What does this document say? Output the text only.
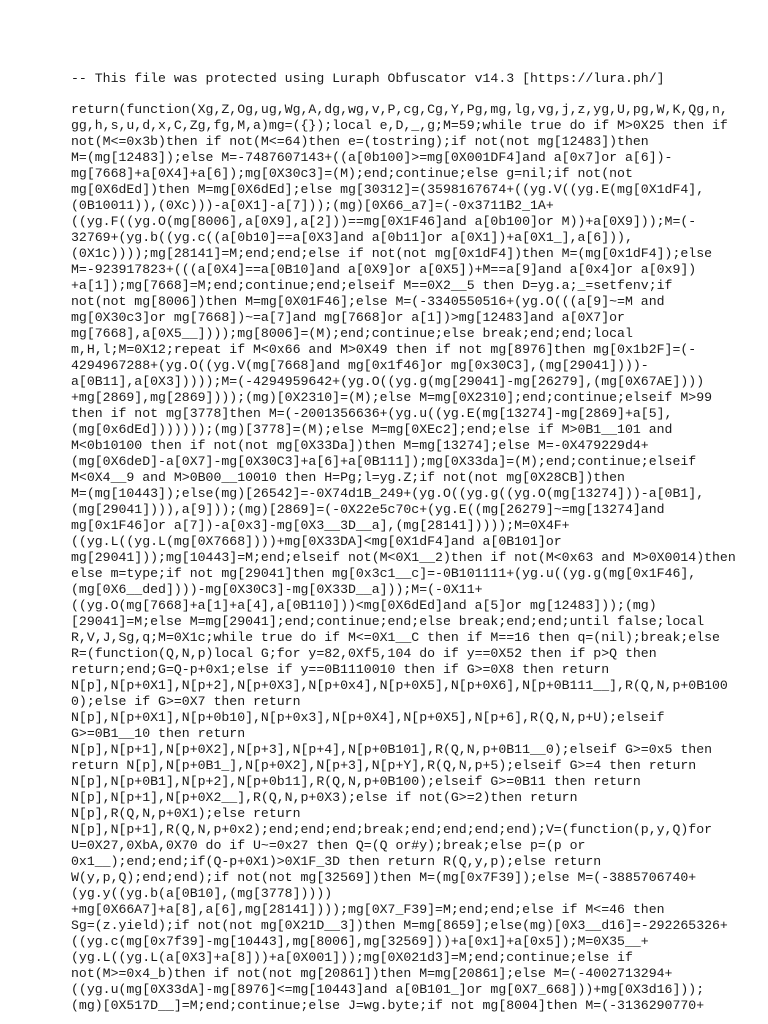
-- This file was protected using Luraph Obfuscator v14.3 [https://lura.ph/]
return(function(Xg,Z,Og,ug,Wg,A,dg,wg,v,P,cg,Cg,Y,Pg,mg,lg,vg,j,z,yg,U,pg,W,K,Qg,n,
gg,h,s,u,d,x,C,Zg,fg,M,a)mg=({});local e,D,_,g;M=59;while true do if M>0X25 then if
not(M<=0x3b)then if not(M<=64)then e=(tostring);if not(not mg[12483])then
M=(mg[12483]);else M=-7487607143+((a[0b100]>=mg[0X001DF4]and a[0x7]or a[6])-
mg[7668]+a[0X4]+a[6]);mg[0X30c3]=(M);end;continue;else g=nil;if not(not
mg[0X6dEd])then M=mg[0X6dEd];else mg[30312]=(3598167674+((yg.V((yg.E(mg[0X1dF4],
(0B10011)),(0Xc)))-a[0X1]-a[7]));(mg)[0X66_a7]=(-0x3711B2_1A+
((yg.F((yg.O(mg[8006],a[0X9],a[2]))==mg[0X1F46]and a[0b100]or M))+a[0X9]));M=(-
32769+(yg.b((yg.c((a[0b10]==a[0X3]and a[0b11]or a[0X1])+a[0X1_],a[6])),
(0X1c))));mg[28141]=M;end;end;else if not(not mg[0x1dF4])then M=(mg[0x1dF4]);else
M=-923917823+(((a[0X4]==a[0B10]and a[0X9]or a[0X5])+M==a[9]and a[0x4]or a[0x9])
+a[1]);mg[7668]=M;end;continue;end;elseif M==0X2__5 then D=yg.a;_=setfenv;if
not(not mg[8006])then M=mg[0X01F46];else M=(-3340550516+(yg.O(((a[9]~=M and
mg[0X30c3]or mg[7668])~=a[7]and mg[7668]or a[1])>mg[12483]and a[0X7]or
mg[7668],a[0X5__])));mg[8006]=(M);end;continue;else break;end;end;local
m,H,l;M=0X12;repeat if M<0x66 and M>0X49 then if not mg[8976]then mg[0x1b2F]=(-
4294967288+(yg.O((yg.V(mg[7668]and mg[0x1f46]or mg[0x30C3],(mg[29041])))-
a[0B11],a[0X3]))));M=(-4294959642+(yg.O((yg.g(mg[29041]-mg[26279],(mg[0X67AE])))
+mg[2869],mg[2869])));(mg)[0X2310]=(M);else M=mg[0X2310];end;continue;elseif M>99
then if not mg[3778]then M=(-2001356636+(yg.u((yg.E(mg[13274]-mg[2869]+a[5],
(mg[0x6dEd]))))));(mg)[3778]=(M);else M=mg[0XEc2];end;else if M>0B1__101 and
M<0b10100 then if not(not mg[0X33Da])then M=mg[13274];else M=-0X479229d4+
(mg[0X6deD]-a[0X7]-mg[0X30C3]+a[6]+a[0B111]);mg[0X33da]=(M);end;continue;elseif
M<0X4__9 and M>0B00__10010 then H=Pg;l=yg.Z;if not(not mg[0X28CB])then
M=(mg[10443]);else(mg)[26542]=-0X74d1B_249+(yg.O((yg.g((yg.O(mg[13274]))-a[0B1],
(mg[29041]))),a[9]));(mg)[2869]=(-0X22e5c70c+(yg.E((mg[26279]~=mg[13274]and
mg[0x1F46]or a[7])-a[0x3]-mg[0X3__3D__a],(mg[28141]))));M=0X4F+
((yg.L((yg.L(mg[0X7668])))+mg[0X33DA]<mg[0X1dF4]and a[0B101]or
mg[29041]));mg[10443]=M;end;elseif not(M<0X1__2)then if not(M<0x63 and M>0X0014)then
else m=type;if not mg[29041]then mg[0x3c1__c]=-0B101111+(yg.u((yg.g(mg[0x1F46],
(mg[0X6__ded])))-mg[0X30C3]-mg[0X33D__a]));M=(-0X11+
((yg.O(mg[7668]+a[1]+a[4],a[0B110]))<mg[0X6dEd]and a[5]or mg[12483]));(mg)
[29041]=M;else M=mg[29041];end;continue;end;else break;end;end;until false;local
R,V,J,Sg,q;M=0X1c;while true do if M<=0X1__C then if M==16 then q=(nil);break;else
R=(function(Q,N,p)local G;for y=82,0Xf5,104 do if y==0X52 then if p>Q then
return;end;G=Q-p+0x1;else if y==0B1110010 then if G>=0X8 then return
N[p],N[p+0X1],N[p+2],N[p+0X3],N[p+0x4],N[p+0X5],N[p+0X6],N[p+0B111__],R(Q,N,p+0B100
0);else if G>=0X7 then return
N[p],N[p+0X1],N[p+0b10],N[p+0x3],N[p+0X4],N[p+0X5],N[p+6],R(Q,N,p+U);elseif
G>=0B1__10 then return
N[p],N[p+1],N[p+0X2],N[p+3],N[p+4],N[p+0B101],R(Q,N,p+0B11__0);elseif G>=0x5 then
return N[p],N[p+0B1_],N[p+0X2],N[p+3],N[p+Y],R(Q,N,p+5);elseif G>=4 then return
N[p],N[p+0B1],N[p+2],N[p+0b11],R(Q,N,p+0B100);elseif G>=0B11 then return
N[p],N[p+1],N[p+0X2__],R(Q,N,p+0X3);else if not(G>=2)then return
N[p],R(Q,N,p+0X1);else return
N[p],N[p+1],R(Q,N,p+0x2);end;end;end;break;end;end;end;end);V=(function(p,y,Q)for
U=0X27,0XbA,0X70 do if U~=0x27 then Q=(Q or#y);break;else p=(p or
0x1__);end;end;if(Q-p+0X1)>0X1F_3D then return R(Q,y,p);else return
W(y,p,Q);end;end);if not(not mg[32569])then M=(mg[0x7F39]);else M=(-3885706740+
(yg.y((yg.b(a[0B10],(mg[3778]))))
+mg[0X66A7]+a[8],a[6],mg[28141])));mg[0X7_F39]=M;end;end;else if M<=46 then
Sg=(z.yield);if not(not mg[0X21D__3])then M=mg[8659];else(mg)[0X3__d16]=-292265326+
((yg.c(mg[0x7f39]-mg[10443],mg[8006],mg[32569]))+a[0x1]+a[0x5]);M=0X35__+
(yg.L((yg.L(a[0X3]+a[8]))+a[0X001]));mg[0X021d3]=M;end;continue;else if
not(M>=0x4_b)then if not(not mg[20861])then M=mg[20861];else M=(-4002713294+
((yg.u(mg[0X33dA]-mg[8976]<=mg[10443]and a[0B101_]or mg[0X7_668]))+mg[0X3d16]));
(mg)[0X517D__]=M;end;continue;else J=wg.byte;if not mg[8004]then M=(-3136290770+
